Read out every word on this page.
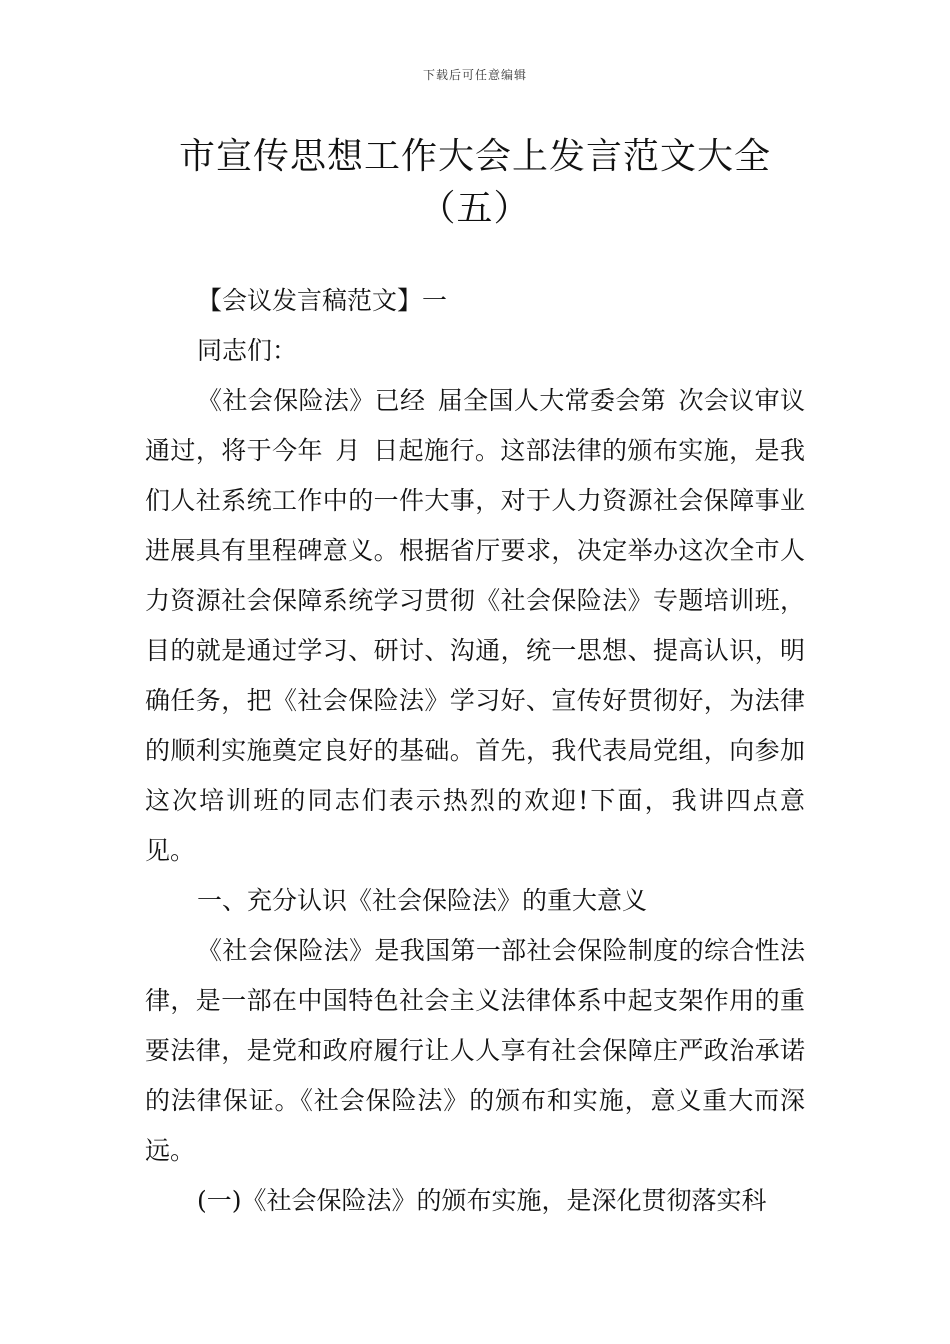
下载后可任意编辑
市宣传思想工作大会上发言范文大全
（五）

【会议发言稿范文】一

同志们：

《社会保险法》已经 届全国人大常委会第 次会议审议通过，将于今年 月 日起施行。这部法律的颁布实施，是我们人社系统工作中的一件大事，对于人力资源社会保障事业进展具有里程碑意义。根据省厅要求，决定举办这次全市人力资源社会保障系统学习贯彻《社会保险法》专题培训班，目的就是通过学习、研讨、沟通，统一思想、提高认识，明确任务，把《社会保险法》学习好、宣传好贯彻好，为法律的顺利实施奠定良好的基础。首先，我代表局党组，向参加这次培训班的同志们表示热烈的欢迎!下面，我讲四点意见。

一、充分认识《社会保险法》的重大意义

《社会保险法》是我国第一部社会保险制度的综合性法律，是一部在中国特色社会主义法律体系中起支架作用的重要法律，是党和政府履行让人人享有社会保障庄严政治承诺的法律保证。《社会保险法》的颁布和实施，意义重大而深远。

(一)《社会保险法》的颁布实施，是深化贯彻落实科
